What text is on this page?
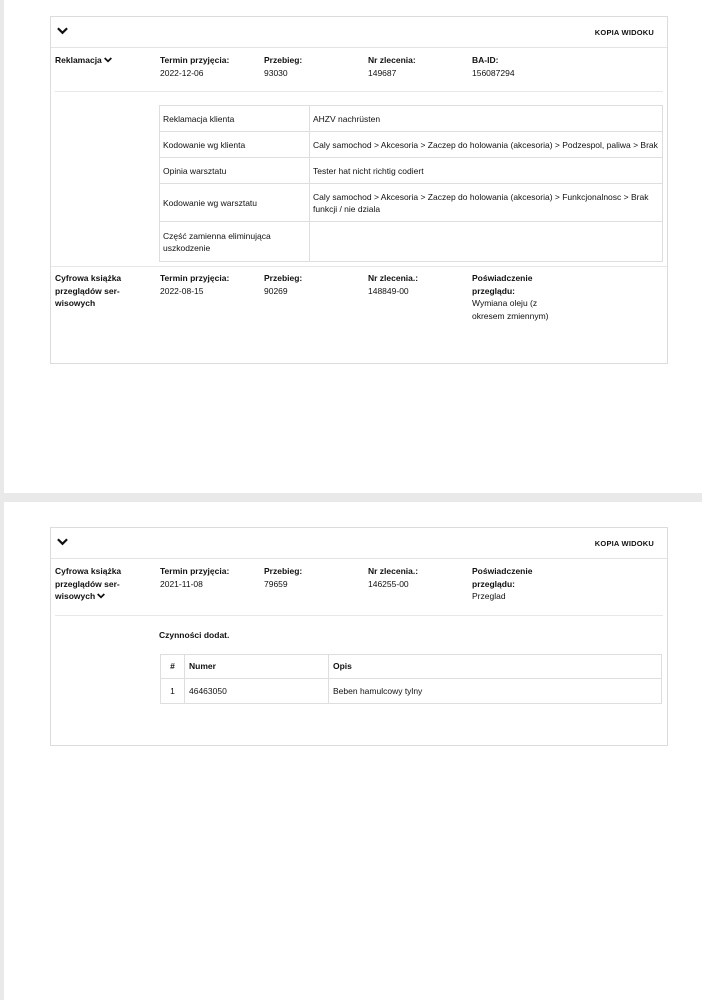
KOPIA WIDOKU
Reklamacja	Termin przyjęcia:
2022-12-06
Przebieg:
93030
Nr zlecenia:
149687
BA-ID:
156087294
Reklamacja klienta	AHZV nachrüsten
Kodowanie wg klienta	Caly samochod > Akcesoria > Zaczep do holowania (akcesoria) > Podzespol, paliwa > Brak
Opinia warsztatu	Tester hat nicht richtig codiert
Kodowanie wg warsztatu	Caly samochod > Akcesoria > Zaczep do holowania (akcesoria) > Funkcjonalnosc > Brak funkcji / nie dziala
Część zamienna eliminująca uszkodzenie	
Cyfrowa książka przeglądów ser-wisowych
Termin przyjęcia:
2022-08-15
Przebieg:
90269
Nr zlecenia.:
148849-00
Poświadczenie przeglądu:
Wymiana oleju (z okresem zmiennym)
KOPIA WIDOKU
Cyfrowa książka przeglądów ser-wisowych
Termin przyjęcia:
2021-11-08
Przebieg:
79659
Nr zlecenia.:
146255-00
Poświadczenie przeglądu:
Przeglad
Czynności dodat.
#	Numer	Opis
1	46463050	Beben hamulcowy tylny
OTOMOTO
